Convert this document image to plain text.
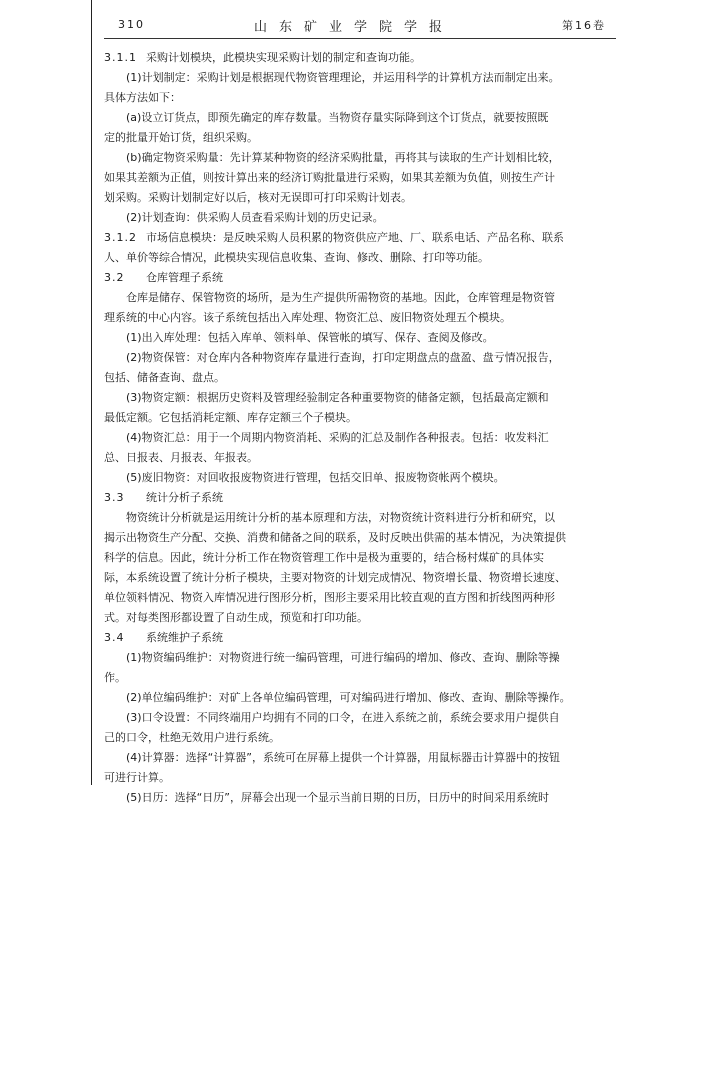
310	山东矿业学院学报	第16卷
3.1.1 采购计划模块，此模块实现采购计划的制定和查询功能。
(1)计划制定：采购计划是根据现代物资管理理论，并运用科学的计算机方法而制定出来。
具体方法如下：
(a)设立订货点，即预先确定的库存数量。当物资存量实际降到这个订货点，就要按照既
定的批量开始订货，组织采购。
(b)确定物资采购量：先计算某种物资的经济采购批量，再将其与读取的生产计划相比较，
如果其差额为正值，则按计算出来的经济订购批量进行采购，如果其差额为负值，则按生产计
划采购。采购计划制定好以后，核对无误即可打印采购计划表。
(2)计划查询：供采购人员查看采购计划的历史记录。
3.1.2 市场信息模块：是反映采购人员积累的物资供应产地、厂、联系电话、产品名称、联系
人、单价等综合情况，此模块实现信息收集、查询、修改、删除、打印等功能。
3.2 仓库管理子系统
仓库是储存、保管物资的场所，是为生产提供所需物资的基地。因此，仓库管理是物资管
理系统的中心内容。该子系统包括出入库处理、物资汇总、废旧物资处理五个模块。
(1)出入库处理：包括入库单、领料单、保管帐的填写、保存、查阅及修改。
(2)物资保管：对仓库内各种物资库存量进行查询，打印定期盘点的盘盈、盘亏情况报告，
包括、储备查询、盘点。
(3)物资定额：根据历史资料及管理经验制定各种重要物资的储备定额，包括最高定额和
最低定额。它包括消耗定额、库存定额三个子模块。
(4)物资汇总：用于一个周期内物资消耗、采购的汇总及制作各种报表。包括：收发料汇
总、日报表、月报表、年报表。
(5)废旧物资：对回收报废物资进行管理，包括交旧单、报废物资帐两个模块。
3.3 统计分析子系统
物资统计分析就是运用统计分析的基本原理和方法，对物资统计资料进行分析和研究，以
揭示出物资生产分配、交换、消费和储备之间的联系，及时反映出供需的基本情况，为决策提供
科学的信息。因此，统计分析工作在物资管理工作中是极为重要的，结合杨村煤矿的具体实
际，本系统设置了统计分析子模块，主要对物资的计划完成情况、物资增长量、物资增长速度、
单位领料情况、物资入库情况进行图形分析，图形主要采用比较直观的直方图和折线图两种形
式。对每类图形都设置了自动生成，预览和打印功能。
3.4 系统维护子系统
(1)物资编码维护：对物资进行统一编码管理，可进行编码的增加、修改、查询、删除等操
作。
(2)单位编码维护：对矿上各单位编码管理，可对编码进行增加、修改、查询、删除等操作。
(3)口令设置：不同终端用户均拥有不同的口令，在进入系统之前，系统会要求用户提供自
己的口令，杜绝无效用户进行系统。
(4)计算器：选择“计算器”，系统可在屏幕上提供一个计算器，用鼠标器击计算器中的按钮
可进行计算。
(5)日历：选择“日历”，屏幕会出现一个显示当前日期的日历，日历中的时间采用系统时
